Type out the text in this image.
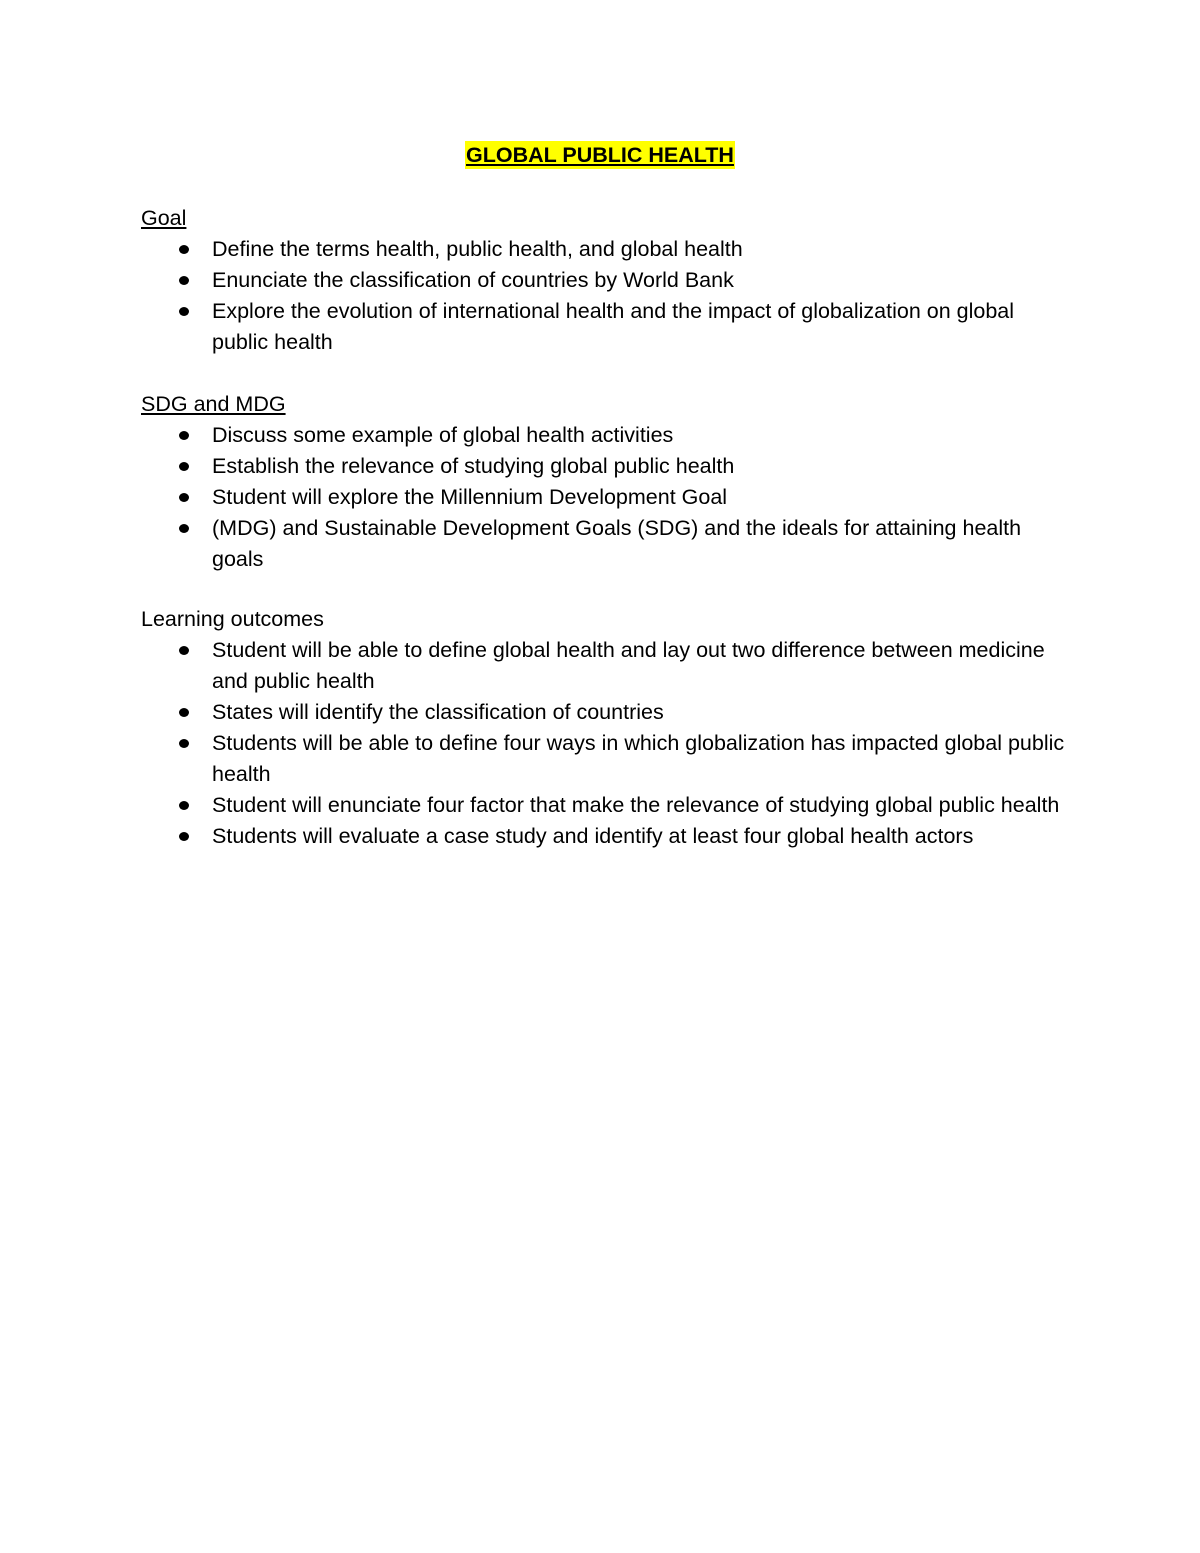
GLOBAL PUBLIC HEALTH
Goal
Define the terms health, public health, and global health
Enunciate the classification of countries by World Bank
Explore the evolution of international health and the impact of globalization on global public health
SDG and MDG
Discuss some example of global health activities
Establish the relevance of studying global public health
Student will explore the Millennium Development Goal
(MDG) and Sustainable Development Goals (SDG) and the ideals for attaining health goals
Learning outcomes
Student will be able to define global health and lay out two difference between medicine and public health
States will identify the classification of countries
Students will be able to define four ways in which globalization has impacted global public health
Student will enunciate four factor that make the relevance of studying global public health
Students will evaluate a case study and identify at least four global health actors
